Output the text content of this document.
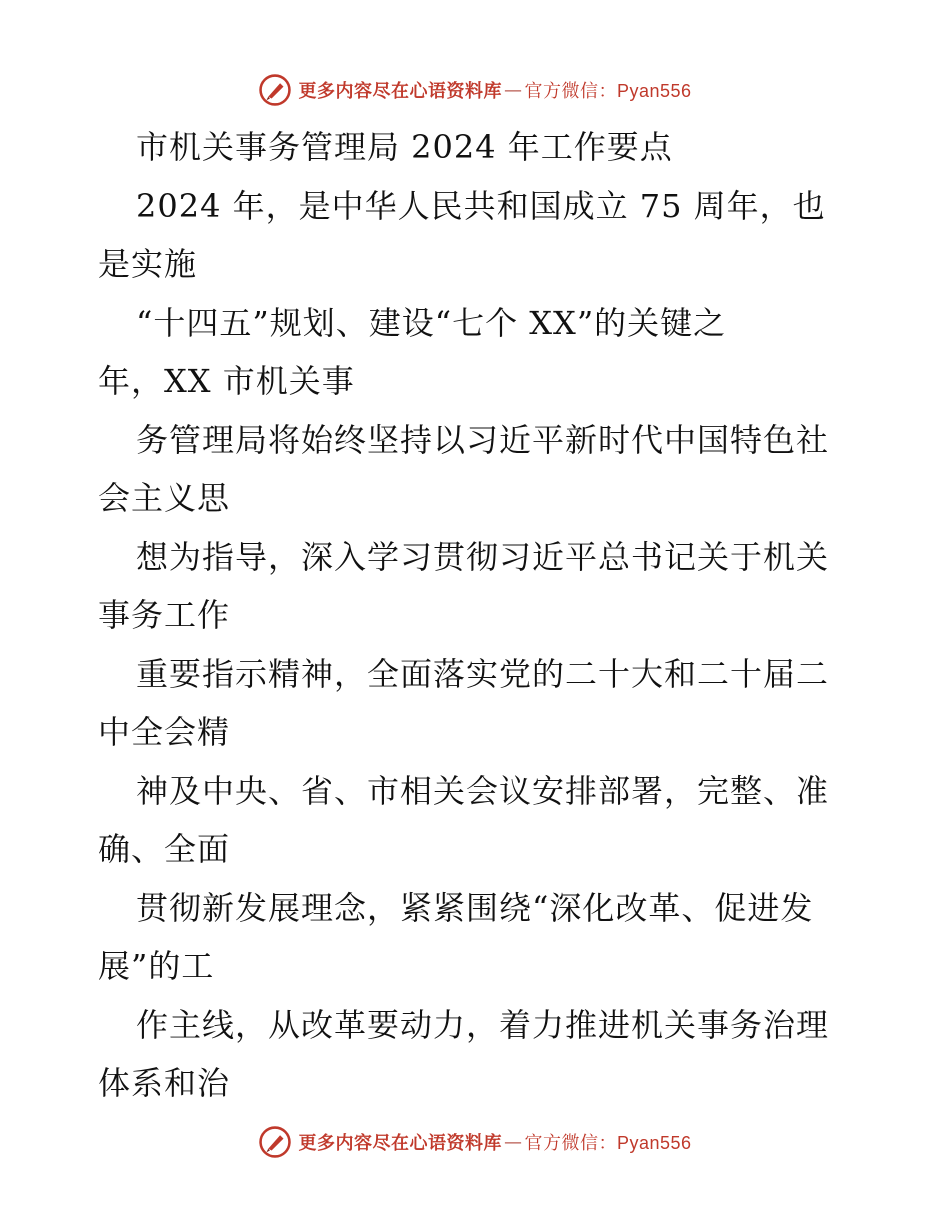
更多内容尽在心语资料库 — 官方微信：Pyan556
市机关事务管理局 2024 年工作要点
2024 年，是中华人民共和国成立 75 周年，也
是实施
“十四五”规划、建设“七个 XX”的关键之
年，XX 市机关事
务管理局将始终坚持以习近平新时代中国特色社
会主义思
想为指导，深入学习贯彻习近平总书记关于机关
事务工作
重要指示精神，全面落实党的二十大和二十届二
中全会精
神及中央、省、市相关会议安排部署，完整、准
确、全面
贯彻新发展理念，紧紧围绕“深化改革、促进发
展”的工
作主线，从改革要动力，着力推进机关事务治理
体系和治
更多内容尽在心语资料库 — 官方微信：Pyan556
